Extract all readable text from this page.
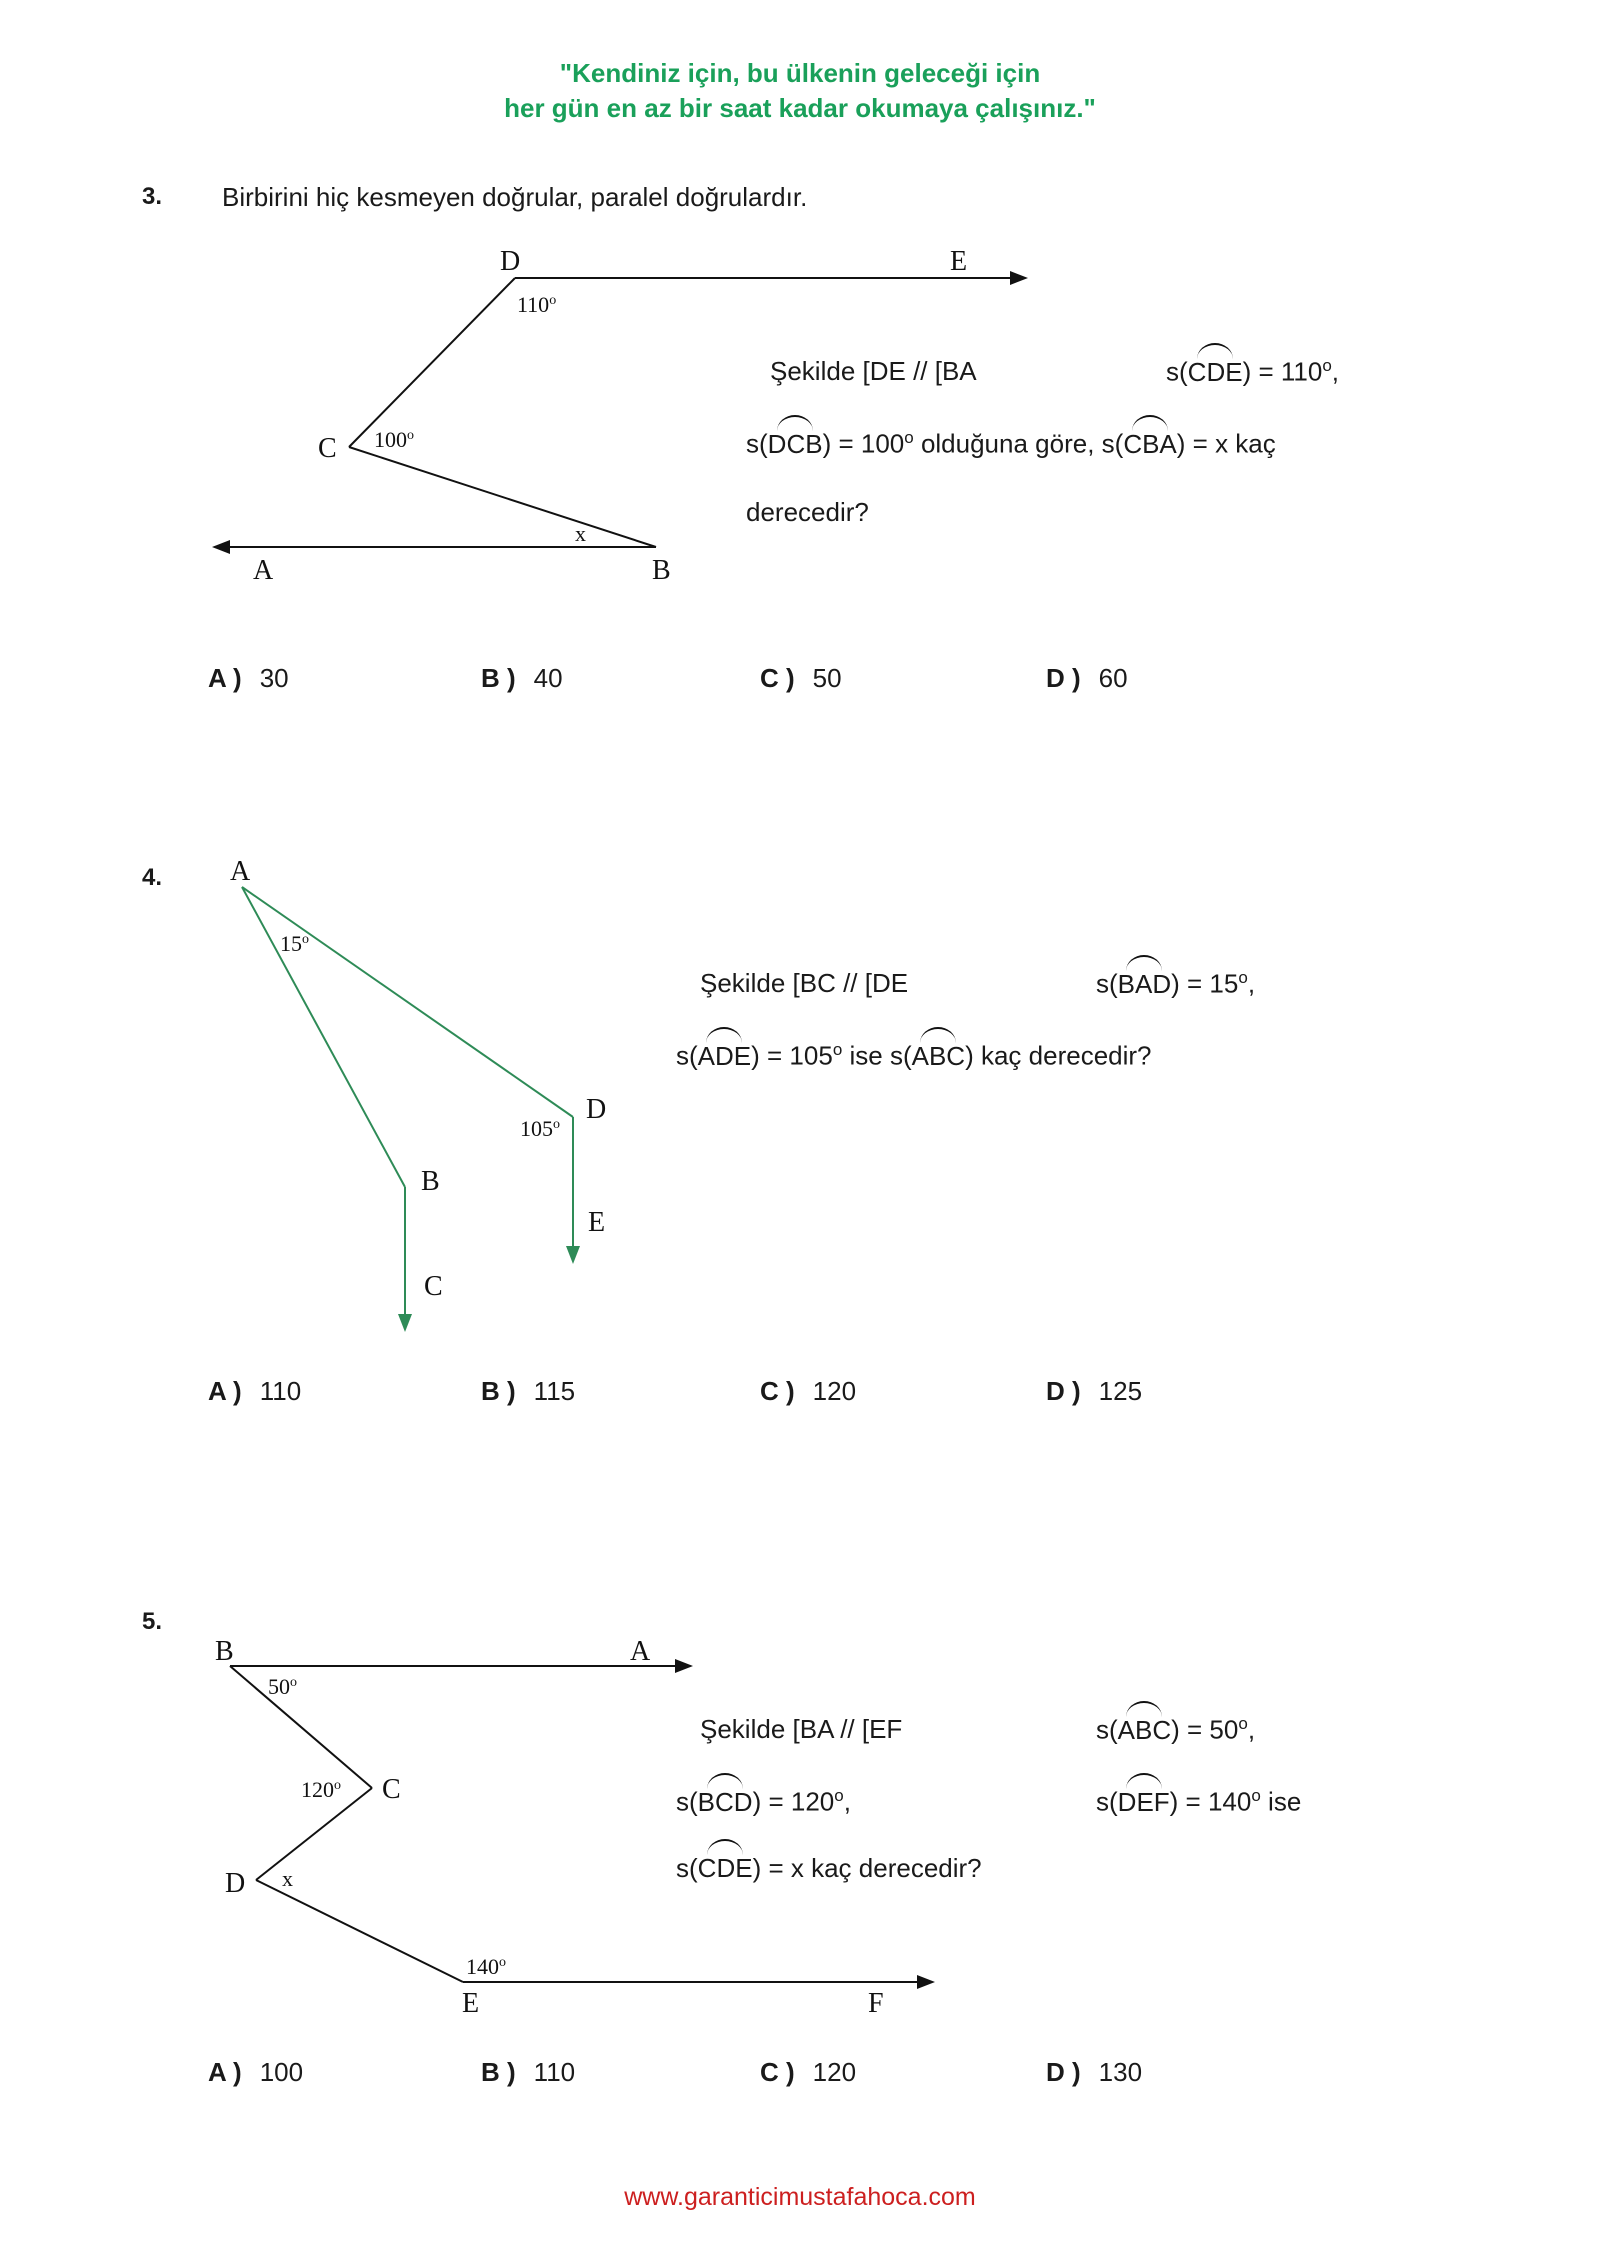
"Kendiniz için, bu ülkenin geleceği için
her gün en az bir saat kadar okumaya çalışınız."
3. Birbirini hiç kesmeyen doğrular, paralel doğrulardır.
D	E
C
A	B
110$^o$
100$^o$
x
Şekilde [DE // [BA	$s(CDE) = 110^o$,
$s(DCB) = 100^o$ olduğuna göre, s(CBA) = x kaç
derecedir?
A ) 30	B ) 40	C ) 50	D ) 60
4. A
B
C
D
E
15$^o$
105$^o$
Şekilde [BC // [DE	$s(BAD) = 15^o$,
$s(ADE) = 105^o$ ise s(ABC) kaç derecedir?
A ) 110	B ) 115	C ) 120	D ) 125
5.
B	A
C
D
E	F
50$^o$
120$^o$
x
140$^o$
Şekilde [BA // [EF	$s(ABC) = 50^o$,
$s(BCD) = 120^o$,	$s(DEF) = 140^o$ ise
s(CDE) = x kaç derecedir?
A ) 100	B ) 110	C ) 120	D ) 130
www.garanticimustafahoca.com
